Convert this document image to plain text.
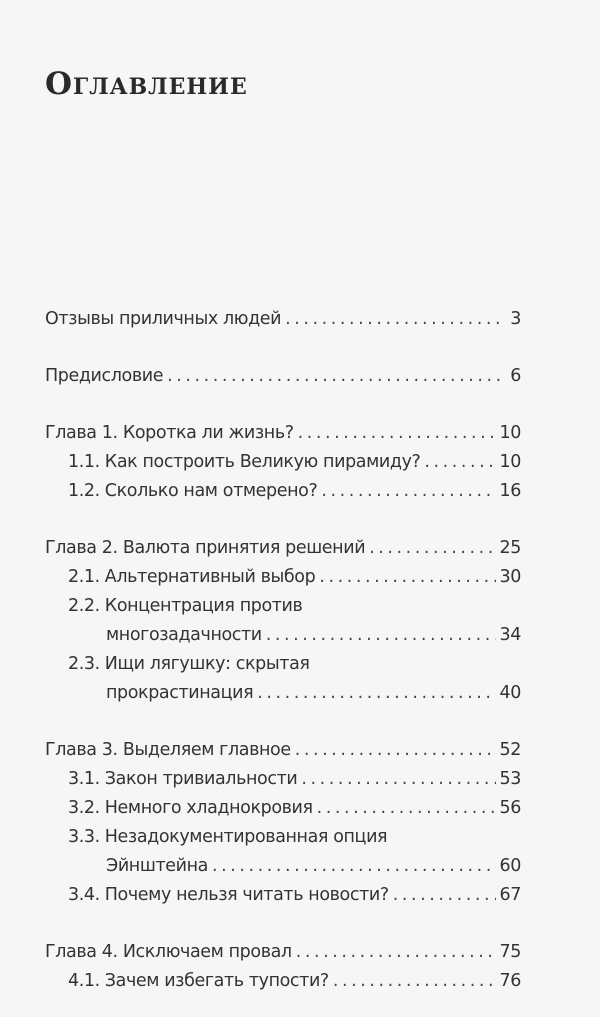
Оглавление
Отзывы приличных людей . . .	3
Предисловие . . .	6
Глава 1. Коротка ли жизнь? . . .	10
1.1. Как построить Великую пирамиду? . . .	10
1.2. Сколько нам отмерено? . . .	16
Глава 2. Валюта принятия решений . . .	25
2.1. Альтернативный выбор . . .	30
2.2. Концентрация против
многозадачности . . .	34
2.3. Ищи лягушку: скрытая
прокрастинация . . .	40
Глава 3. Выделяем главное . . .	52
3.1. Закон тривиальности . . .	53
3.2. Немного хладнокровия . . .	56
3.3. Незадокументированная опция
Эйнштейна . . .	60
3.4. Почему нельзя читать новости? . . .	67
Глава 4. Исключаем провал . . .	75
4.1. Зачем избегать тупости? . . .	76
